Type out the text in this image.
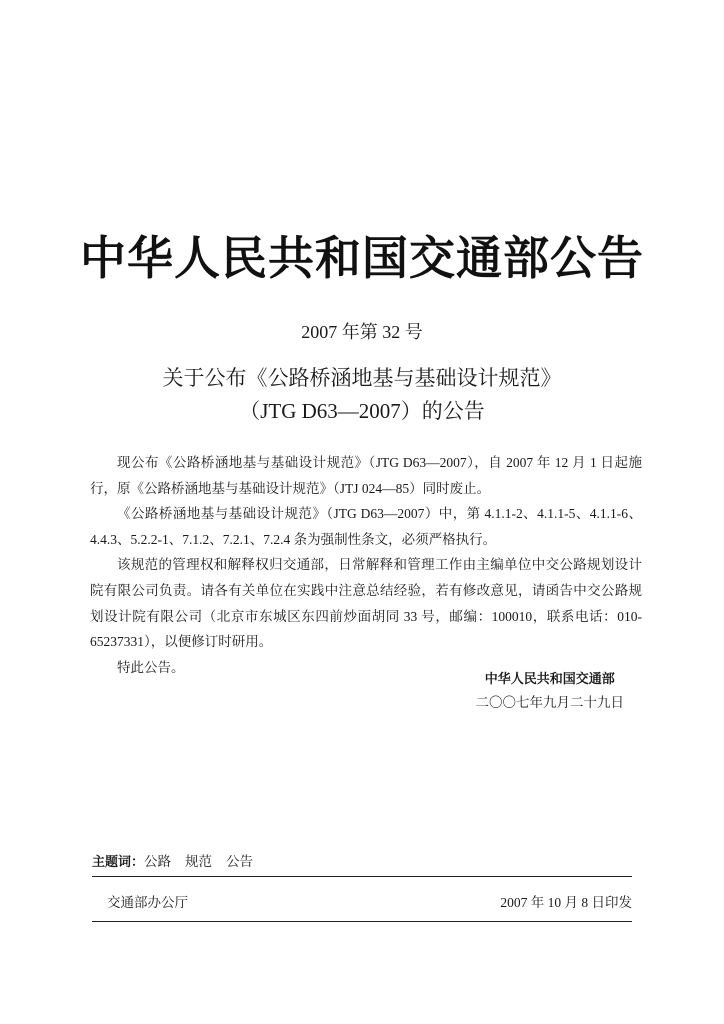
中华人民共和国交通部公告
2007 年第 32 号
关于公布《公路桥涵地基与基础设计规范》
（JTG D63—2007）的公告

现公布《公路桥涵地基与基础设计规范》（JTG D63—2007），自 2007 年 12 月 1 日起施行，原《公路桥涵地基与基础设计规范》（JTJ 024—85）同时废止。

《公路桥涵地基与基础设计规范》（JTG D63—2007）中，第 4.1.1-2、4.1.1-5、4.1.1-6、4.4.3、5.2.2-1、7.1.2、7.2.1、7.2.4 条为强制性条文，必须严格执行。

该规范的管理权和解释权归交通部，日常解释和管理工作由主编单位中交公路规划设计院有限公司负责。请各有关单位在实践中注意总结经验，若有修改意见，请函告中交公路规划设计院有限公司（北京市东城区东四前炒面胡同 33 号，邮编：100010，联系电话：010-65237331），以便修订时研用。

特此公告。

中华人民共和国交通部
二〇〇七年九月二十九日
主题词：公路 规范 公告
交通部办公厅	2007 年 10 月 8 日印发
